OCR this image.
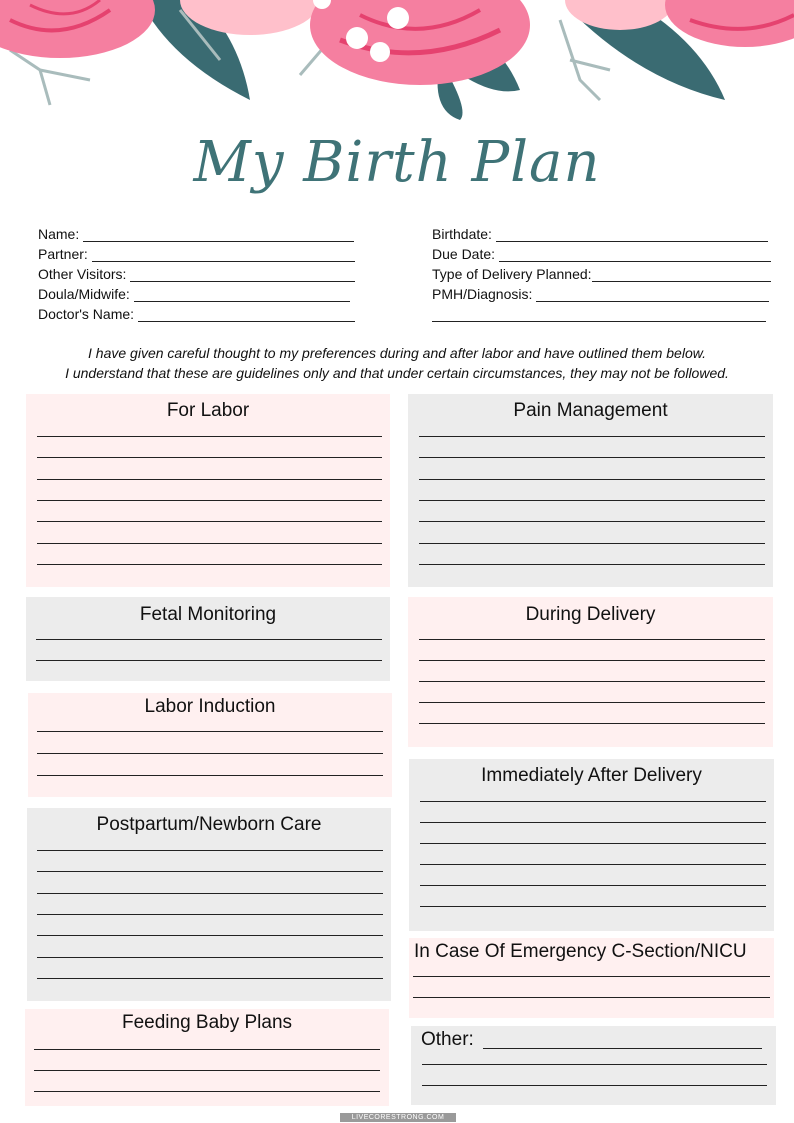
My Birth Plan
Name:
Partner:
Other Visitors:
Doula/Midwife:
Doctor's Name:
Birthdate:
Due Date:
Type of Delivery Planned:
PMH/Diagnosis:
I have given careful thought to my preferences during and after labor and have outlined them below.
I understand that these are guidelines only and that under certain circumstances, they may not be followed.
For Labor	Pain Management
Fetal Monitoring	During Delivery
Labor Induction
Immediately After Delivery
Postpartum/Newborn Care
In Case Of Emergency C-Section/NICU
Feeding Baby Plans
Other:
LIVECORESTRONG.COM
